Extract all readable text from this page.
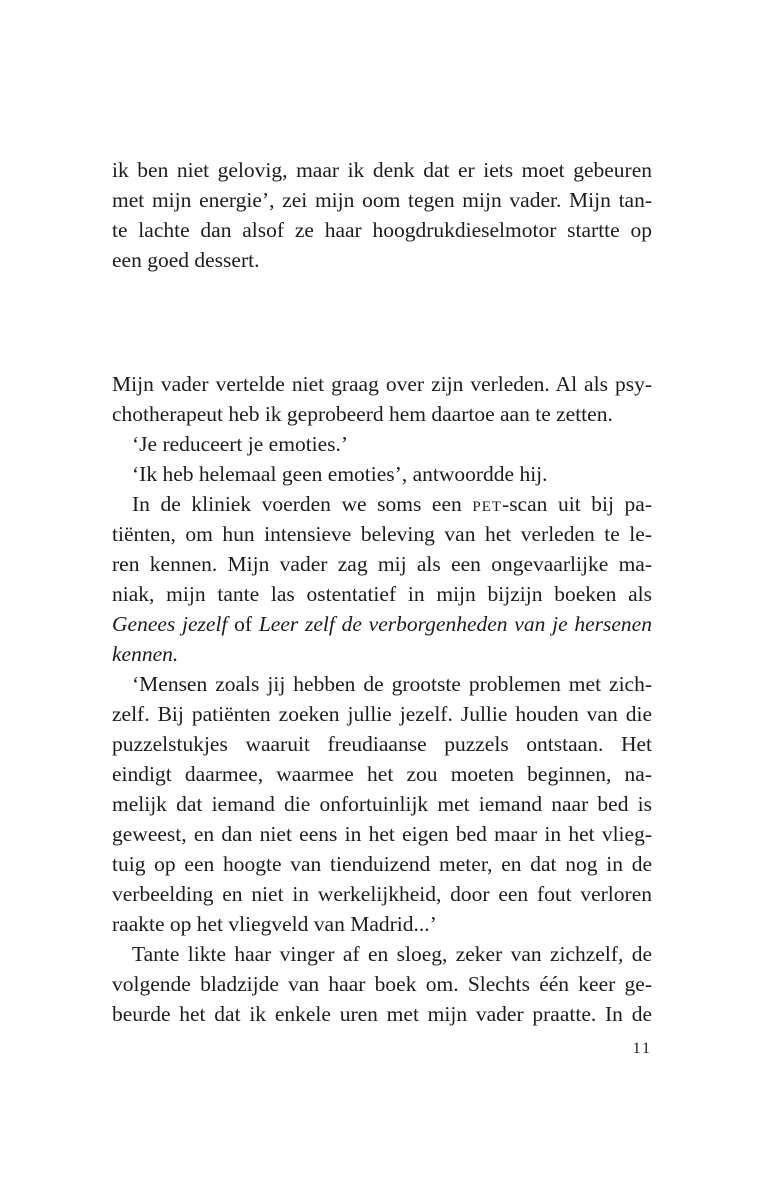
ik ben niet gelovig, maar ik denk dat er iets moet gebeuren
met mijn energie’, zei mijn oom tegen mijn vader. Mijn tan-
te lachte dan alsof ze haar hoogdrukdieselmotor startte op
een goed dessert.
Mijn vader vertelde niet graag over zijn verleden. Al als psy-
chotherapeut heb ik geprobeerd hem daartoe aan te zetten.
‘Je reduceert je emoties.’
‘Ik heb helemaal geen emoties’, antwoordde hij.
In de kliniek voerden we soms een PET-scan uit bij pa-
tiënten, om hun intensieve beleving van het verleden te le-
ren kennen. Mijn vader zag mij als een ongevaarlijke ma-
niak, mijn tante las ostentatief in mijn bijzijn boeken als
Genees jezelf of Leer zelf de verborgenheden van je hersenen
kennen.
‘Mensen zoals jij hebben de grootste problemen met zich-
zelf. Bij patiënten zoeken jullie jezelf. Jullie houden van die
puzzelstukjes waaruit freudiaanse puzzels ontstaan. Het
eindigt daarmee, waarmee het zou moeten beginnen, na-
melijk dat iemand die onfortuinlijk met iemand naar bed is
geweest, en dan niet eens in het eigen bed maar in het vlieg-
tuig op een hoogte van tienduizend meter, en dat nog in de
verbeelding en niet in werkelijkheid, door een fout verloren
raakte op het vliegveld van Madrid...’
Tante likte haar vinger af en sloeg, zeker van zichzelf, de
volgende bladzijde van haar boek om. Slechts één keer ge-
beurde het dat ik enkele uren met mijn vader praatte. In de
11
